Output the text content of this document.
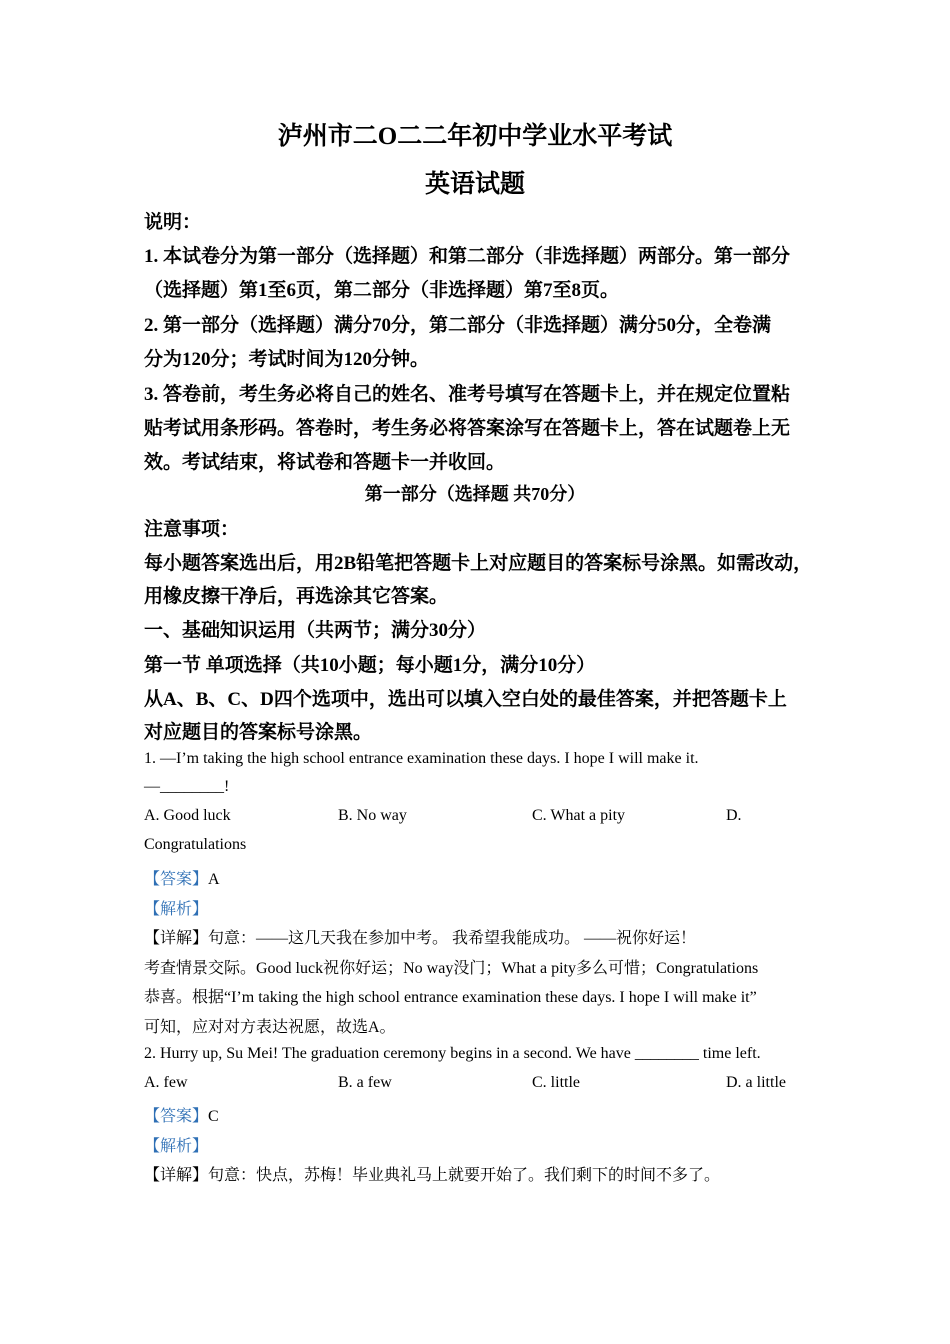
泸州市二O二二年初中学业水平考试
英语试题
说明：
1. 本试卷分为第一部分（选择题）和第二部分（非选择题）两部分。第一部分
（选择题）第1至6页，第二部分（非选择题）第7至8页。
2. 第一部分（选择题）满分70分，第二部分（非选择题）满分50分，全卷满
分为120分；考试时间为120分钟。
3. 答卷前，考生务必将自己的姓名、准考号填写在答题卡上，并在规定位置粘
贴考试用条形码。答卷时，考生务必将答案涂写在答题卡上，答在试题卷上无
效。考试结束，将试卷和答题卡一并收回。
第一部分（选择题 共70分）
注意事项：
每小题答案选出后，用2B铅笔把答题卡上对应题目的答案标号涂黑。如需改动，
用橡皮擦干净后，再选涂其它答案。
一、基础知识运用（共两节；满分30分）
第一节 单项选择（共10小题；每小题1分，满分10分）
从A、B、C、D四个选项中，选出可以填入空白处的最佳答案，并把答题卡上
对应题目的答案标号涂黑。
1. —I’m taking the high school entrance examination these days. I hope I will make it.
—________!
A. Good luck	B. No way	C. What a pity	D.
Congratulations
【答案】A
【解析】
【详解】句意：——这几天我在参加中考。 我希望我能成功。 ——祝你好运！
考查情景交际。Good luck祝你好运；No way没门；What a pity多么可惜；Congratulations
恭喜。根据“I’m taking the high school entrance examination these days. I hope I will make it”
可知，应对对方表达祝愿，故选A。
2. Hurry up, Su Mei! The graduation ceremony begins in a second. We have ________ time left.
A. few	B. a few	C. little	D. a little
【答案】C
【解析】
【详解】句意：快点，苏梅！毕业典礼马上就要开始了。我们剩下的时间不多了。
